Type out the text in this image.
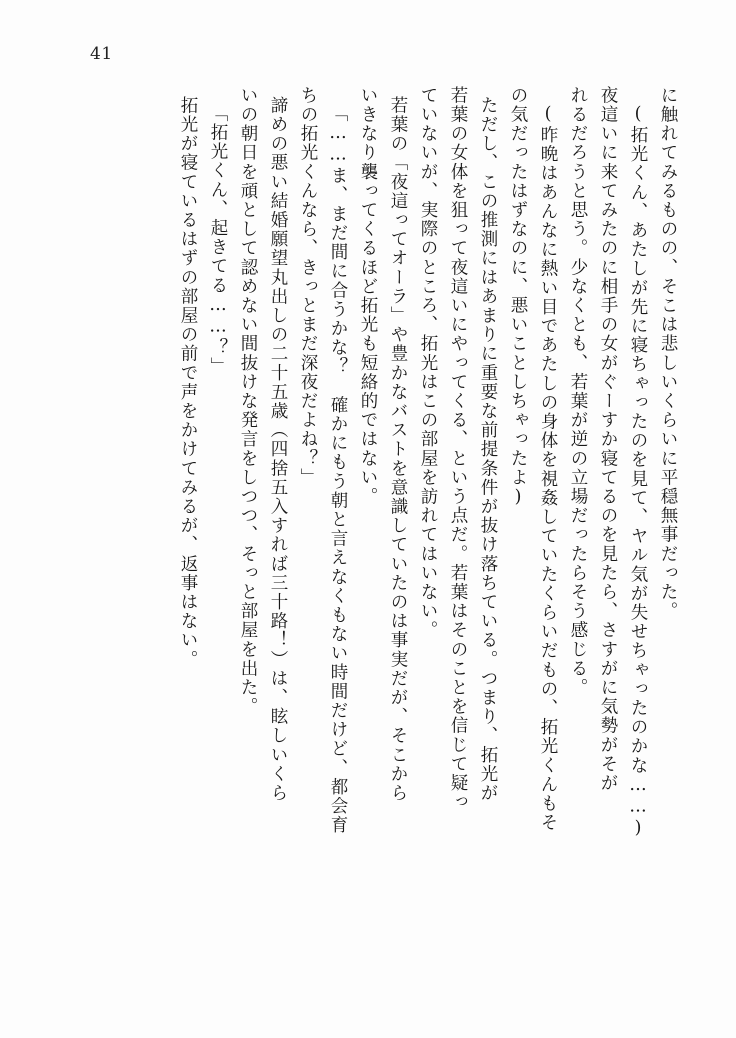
41
に触れてみるものの、そこは悲しいくらいに平穏無事だった。
(拓光くん、あたしが先に寝ちゃったのを見て、ヤル気が失せちゃったのかな……)
夜這いに来てみたのに相手の女がぐーすか寝てるのを見たら、さすがに気勢がそが
れるだろうと思う。少なくとも、若葉が逆の立場だったらそう感じる。
(昨晩はあんなに熱い目であたしの身体を視姦していたくらいだもの、拓光くんもそ
の気だったはずなのに、悪いことしちゃったよ)
ただし、この推測にはあまりに重要な前提条件が抜け落ちている。つまり、拓光が
若葉の女体を狙って夜這いにやってくる、という点だ。若葉はそのことを信じて疑っ
ていないが、実際のところ、拓光はこの部屋を訪れてはいない。
若葉の「夜這ってオーラ」や豊かなバストを意識していたのは事実だが、そこから
いきなり襲ってくるほど拓光も短絡的ではない。
「……ま、まだ間に合うかな？　確かにもう朝と言えなくもない時間だけど、都会育
ちの拓光くんなら、きっとまだ深夜だよね？」
諦めの悪い結婚願望丸出しの二十五歳（四捨五入すれば三十路！）は、眩しいくら
いの朝日を頑として認めない間抜けな発言をしつつ、そっと部屋を出た。
「拓光くん、起きてる……？」
拓光が寝ているはずの部屋の前で声をかけてみるが、返事はない。
